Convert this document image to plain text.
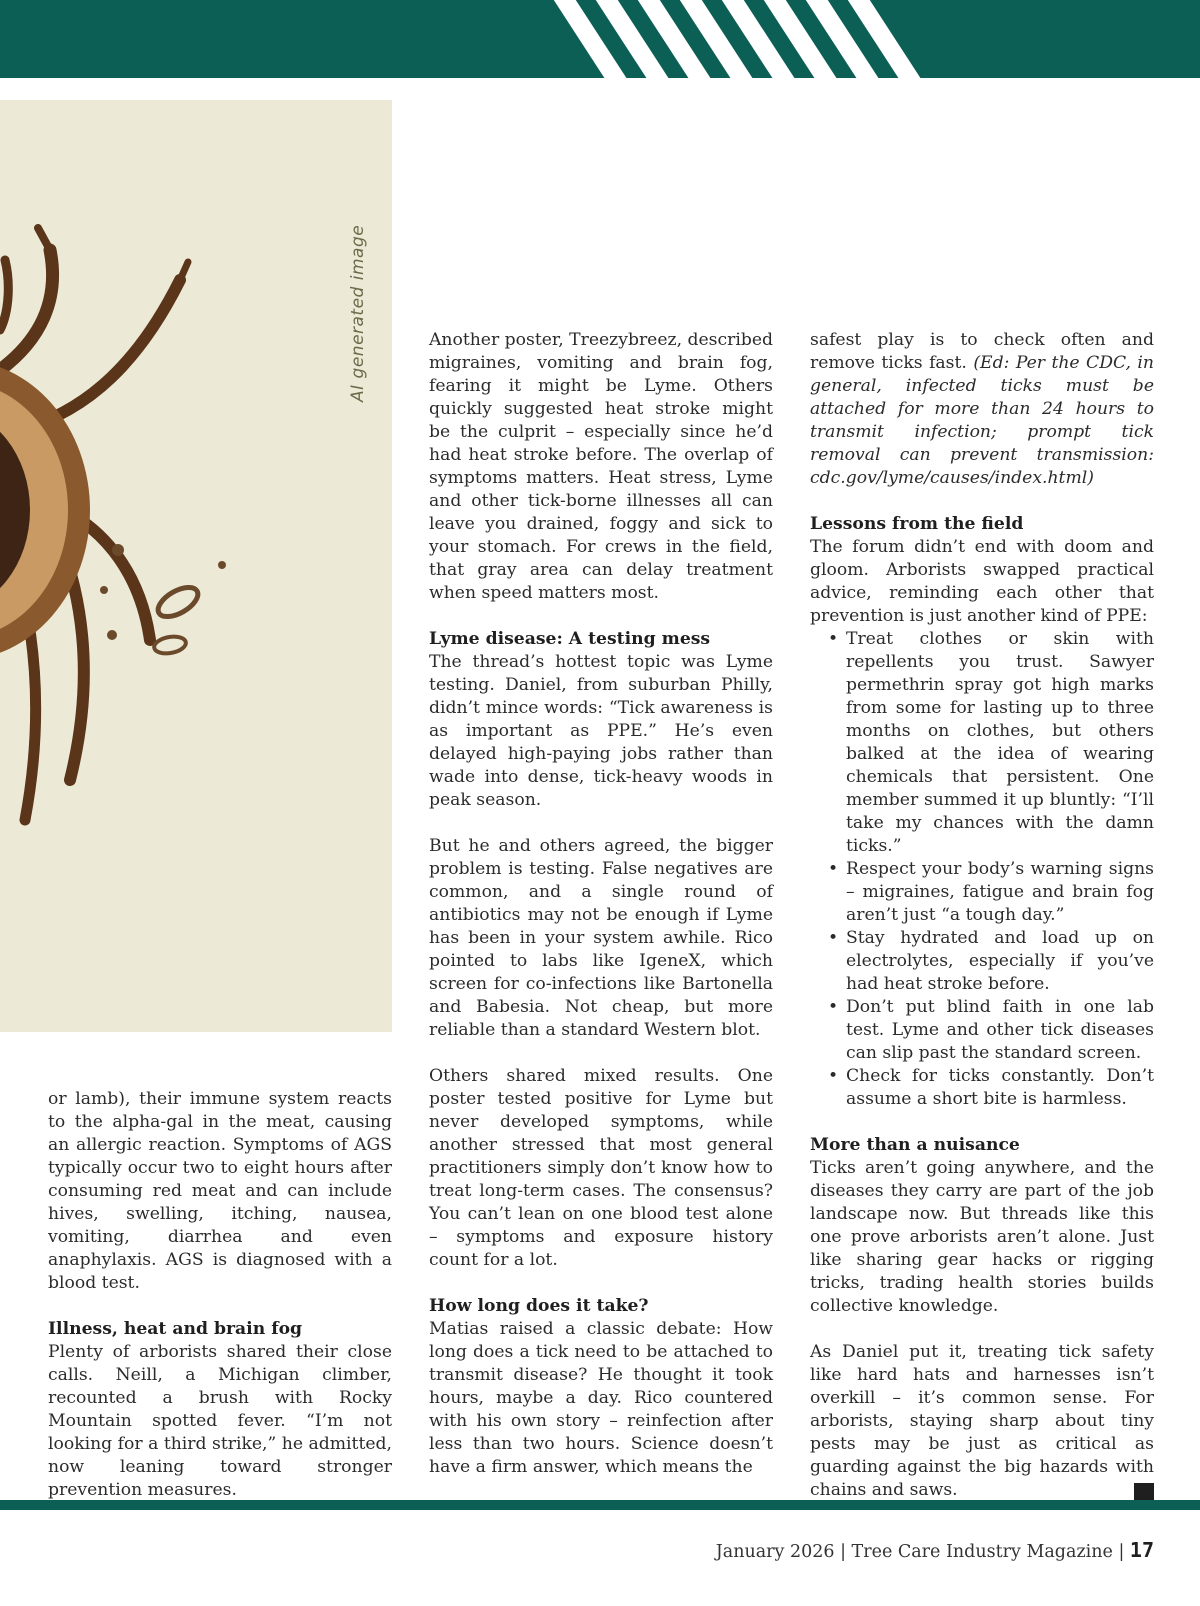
AI generated image

or lamb), their immune system reacts to the alpha-gal in the meat, causing an allergic reaction. Symptoms of AGS typically occur two to eight hours after consuming red meat and can include hives, swelling, itching, nausea, vomiting, diarrhea and even anaphylaxis. AGS is diagnosed with a blood test.

Illness, heat and brain fog

Plenty of arborists shared their close calls. Neill, a Michigan climber, recounted a brush with Rocky Mountain spotted fever. “I’m not looking for a third strike,” he admitted, now leaning toward stronger prevention measures.

Another poster, Treezybreez, described migraines, vomiting and brain fog, fearing it might be Lyme. Others quickly suggested heat stroke might be the culprit – especially since he’d had heat stroke before. The overlap of symptoms matters. Heat stress, Lyme and other tick-borne illnesses all can leave you drained, foggy and sick to your stomach. For crews in the field, that gray area can delay treatment when speed matters most.

Lyme disease: A testing mess

The thread’s hottest topic was Lyme testing. Daniel, from suburban Philly, didn’t mince words: “Tick awareness is as important as PPE.” He’s even delayed high-paying jobs rather than wade into dense, tick-heavy woods in peak season.

But he and others agreed, the bigger problem is testing. False negatives are common, and a single round of antibiotics may not be enough if Lyme has been in your system awhile. Rico pointed to labs like IgeneX, which screen for co-infections like Bartonella and Babesia. Not cheap, but more reliable than a standard Western blot.

Others shared mixed results. One poster tested positive for Lyme but never developed symptoms, while another stressed that most general practitioners simply don’t know how to treat long-term cases. The consensus? You can’t lean on one blood test alone – symptoms and exposure history count for a lot.

How long does it take?

Matias raised a classic debate: How long does a tick need to be attached to transmit disease? He thought it took hours, maybe a day. Rico countered with his own story – reinfection after less than two hours. Science doesn’t have a firm answer, which means the

safest play is to check often and remove ticks fast. (Ed: Per the CDC, in general, infected ticks must be attached for more than 24 hours to transmit infection; prompt tick removal can prevent transmission: cdc.gov/lyme/causes/index.html)

Lessons from the field

The forum didn’t end with doom and gloom. Arborists swapped practical advice, reminding each other that prevention is just another kind of PPE:

• Treat clothes or skin with repellents you trust. Sawyer permethrin spray got high marks from some for lasting up to three months on clothes, but others balked at the idea of wearing chemicals that persistent. One member summed it up bluntly: “I’ll take my chances with the damn ticks.”
• Respect your body’s warning signs – migraines, fatigue and brain fog aren’t just “a tough day.”
• Stay hydrated and load up on electrolytes, especially if you’ve had heat stroke before.
• Don’t put blind faith in one lab test. Lyme and other tick diseases can slip past the standard screen.
• Check for ticks constantly. Don’t assume a short bite is harmless.
More than a nuisance

Ticks aren’t going anywhere, and the diseases they carry are part of the job landscape now. But threads like this one prove arborists aren’t alone. Just like sharing gear hacks or rigging tricks, trading health stories builds collective knowledge.

As Daniel put it, treating tick safety like hard hats and harnesses isn’t overkill – it’s common sense. For arborists, staying sharp about tiny pests may be just as critical as guarding against the big hazards with chains and saws.

January 2026 | Tree Care Industry Magazine | 17
